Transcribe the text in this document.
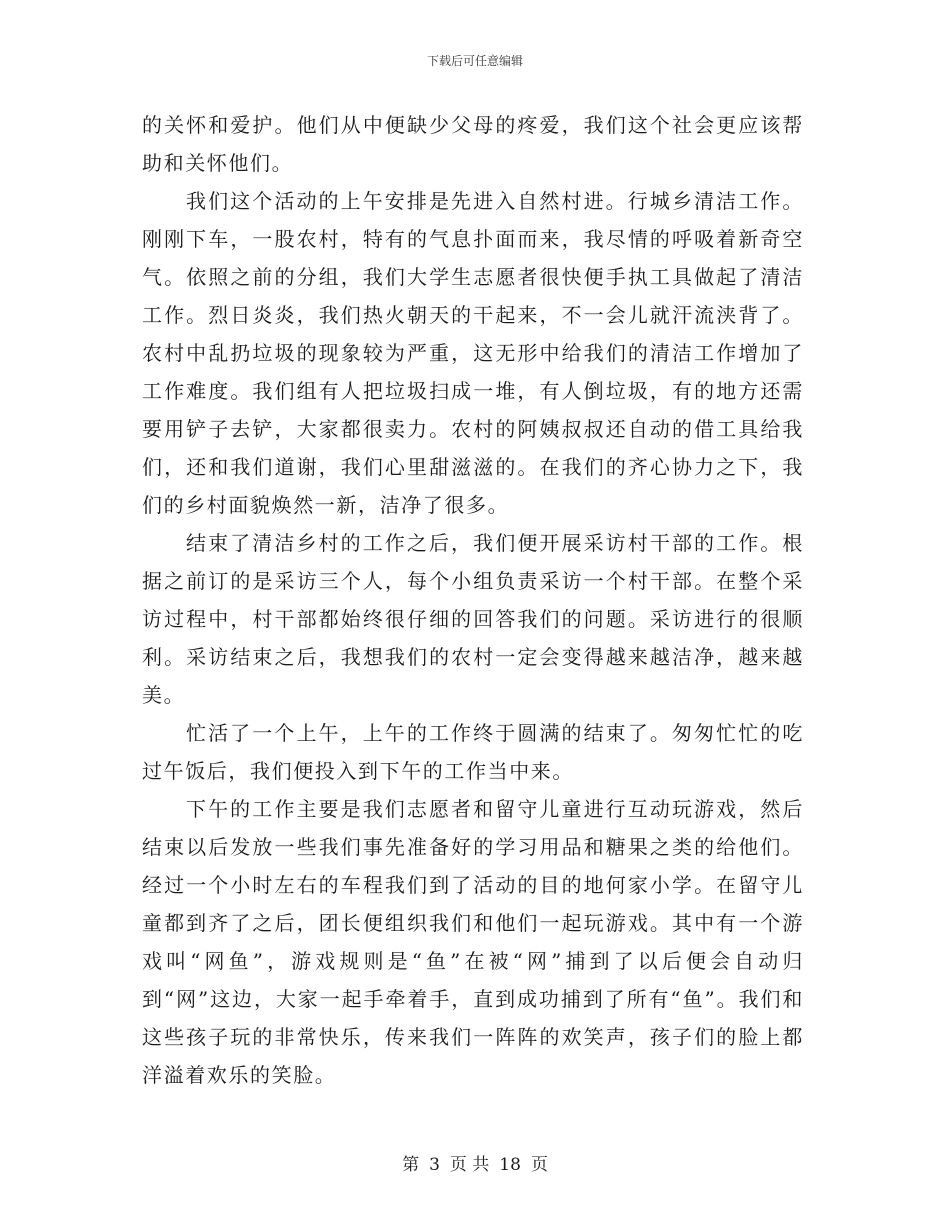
下载后可任意编辑

的关怀和爱护。他们从中便缺少父母的疼爱，我们这个社会更应该帮助和关怀他们。

我们这个活动的上午安排是先进入自然村进。行城乡清洁工作。刚刚下车，一股农村，特有的气息扑面而来，我尽情的呼吸着新奇空气。依照之前的分组，我们大学生志愿者很快便手执工具做起了清洁工作。烈日炎炎，我们热火朝天的干起来，不一会儿就汗流浃背了。农村中乱扔垃圾的现象较为严重，这无形中给我们的清洁工作增加了工作难度。我们组有人把垃圾扫成一堆，有人倒垃圾，有的地方还需要用铲子去铲，大家都很卖力。农村的阿姨叔叔还自动的借工具给我们，还和我们道谢，我们心里甜滋滋的。在我们的齐心协力之下，我们的乡村面貌焕然一新，洁净了很多。

结束了清洁乡村的工作之后，我们便开展采访村干部的工作。根据之前订的是采访三个人，每个小组负责采访一个村干部。在整个采访过程中，村干部都始终很仔细的回答我们的问题。采访进行的很顺利。采访结束之后，我想我们的农村一定会变得越来越洁净，越来越美。

忙活了一个上午，上午的工作终于圆满的结束了。匆匆忙忙的吃过午饭后，我们便投入到下午的工作当中来。

下午的工作主要是我们志愿者和留守儿童进行互动玩游戏，然后结束以后发放一些我们事先准备好的学习用品和糖果之类的给他们。经过一个小时左右的车程我们到了活动的目的地何家小学。在留守儿童都到齐了之后，团长便组织我们和他们一起玩游戏。其中有一个游戏叫“网鱼”，游戏规则是“鱼”在被“网”捕到了以后便会自动归到“网”这边，大家一起手牵着手，直到成功捕到了所有“鱼”。我们和这些孩子玩的非常快乐，传来我们一阵阵的欢笑声，孩子们的脸上都洋溢着欢乐的笑脸。

第 3 页 共 18 页
